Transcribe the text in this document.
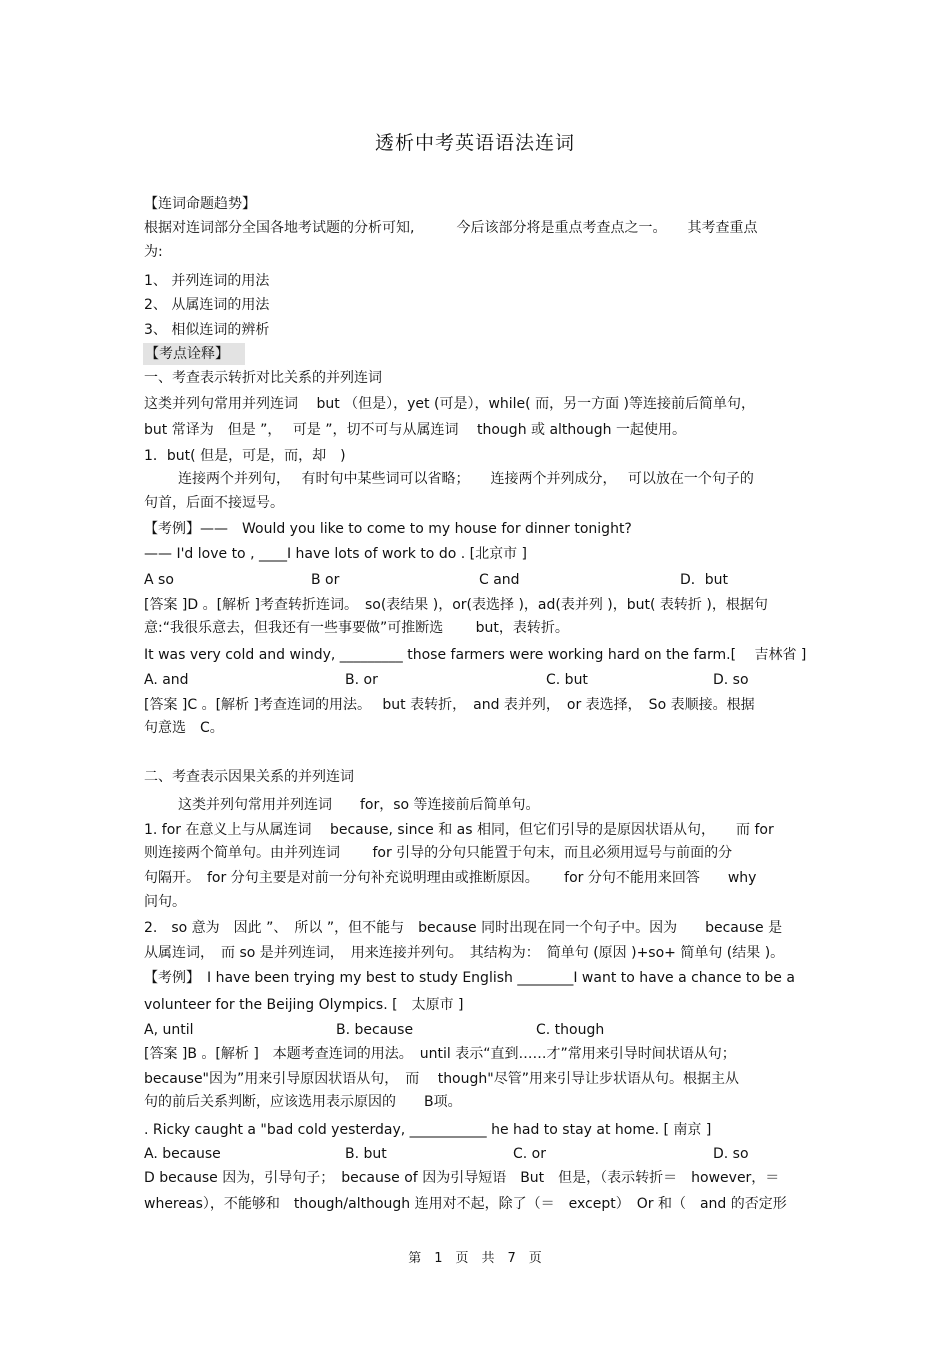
透析中考英语语法连词
【连词命题趋势】
根据对连词部分全国各地考试题的分析可知,　　　今后该部分将是重点考查点之一。　　其考查重点
为:
1、 并列连词的用法
2、 从属连词的用法
3、 相似连词的辨析
【考点诠释】
一、考查表示转折对比关系的并列连词
这类并列句常用并列连词　 but （但是），yet (可是），while( 而，另一方面 )等连接前后简单句，
but 常译为　但是 ”，　 可是 ”，切不可与从属连词　 though 或 although 一起使用。
1．but( 但是，可是，而，却　)
连接两个并列句，　 有时句中某些词可以省略；　　连接两个并列成分，　 可以放在一个句子的
句首，后面不接逗号。
【考例】——　Would you like to come to my house for dinner tonight?
—— I'd love to , ____I have lots of work to do . [北京市 ]
A so	B or	C and	D．but
[答案 ]D 。[解析 ]考查转折连词。　so(表结果 )，or(表选择 )，ad(表并列 )，but( 表转折 )，根据句
意:“我很乐意去，但我还有一些事要做”可推断选　　 but，表转折。
It was very cold and windy, _________ those farmers were working hard on the farm.[　 吉林省 ]
A. and	B. or	C. but	D. so
[答案 ]C 。[解析 ]考查连词的用法。　 but 表转折，　and 表并列，　or 表选择，　So 表顺接。根据
句意选　C。
二、考查表示因果关系的并列连词
这类并列句常用并列连词　　for，so 等连接前后简单句。
1. for 在意义上与从属连词　 because, since 和 as 相同，但它们引导的是原因状语从句，　　而 for
则连接两个简单句。由并列连词　　 for 引导的分句只能置于句末，而且必须用逗号与前面的分
句隔开。　for 分句主要是对前一分句补充说明理由或推断原因。　　 for 分句不能用来回答　　why
问句。
2.　so 意为　因此 ”、　所以 ”，但不能与　because 同时出现在同一个句子中。因为　　because 是
从属连词，　而 so 是并列连词，　用来连接并列句。　其结构为：　简单句 (原因 )+so+ 简单句 (结果 )。
【考例】　I have been trying my best to study English ________I want to have a chance to be a
volunteer for the Beijing Olympics. [　太原市 ]
A, until	B. because	C. though
[答案 ]B 。[解析 ]　本题考查连词的用法。　until 表示“直到……才”常用来引导时间状语从句；
because"因为”用来引导原因状语从句，　而　 though"尽管”用来引导让步状语从句。根据主从
句的前后关系判断，应该选用表示原因的　　B项。
. Ricky caught a "bad cold yesterday, ___________ he had to stay at home. [ 南京 ]
A. because	B. but	C. or	D. so
D because 因为，引导句子；　because of 因为引导短语　But　但是，（表示转折＝　however，＝
whereas），不能够和　though/although 连用对不起，除了（＝　except）　Or 和（　and 的否定形
第　1　页　共　7　页
